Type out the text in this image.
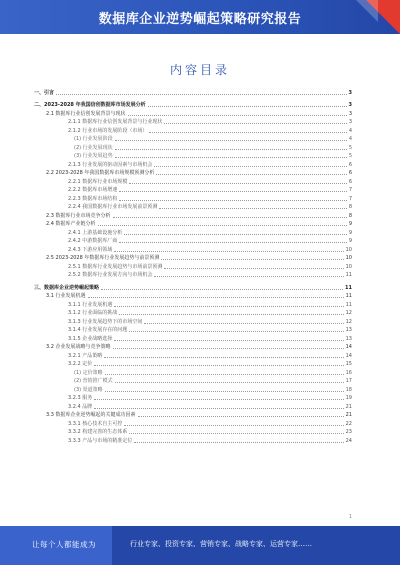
数据库企业逆势崛起策略研究报告
内容目录
一、引言	3
二、2023-2028 年我国信创数据库市场发展分析	3
2.1 数据库行业信创发展背景与现状	3
2.1.1 数据库行业信创发展背景与行业现状	3
2.1.2 行业市场的发展阶段（市场）	4
(1) 行业发展阶段	4
(2) 行业发展现状	5
(3) 行业发展趋势	5
2.1.3 行业发展的驱动因素与市场机会	6
2.2 2023-2028 年我国数据库市场规模预测分析	6
2.2.1 数据库行业市场规模	6
2.2.2 数据库市场增速	7
2.2.3 数据库市场结构	7
2.2.4 我国数据库行业市场发展前景预测	8
2.3 数据库行业市场竞争分析	8
2.4 数据库产业链分析	9
2.4.1 上游基础设施分析	9
2.4.2 中游数据库厂商	9
2.4.3 下游应用领域	10
2.5 2023-2028 年数据库行业发展趋势与前景预测	10
2.5.1 数据库行业发展趋势与市场前景预测	10
2.5.2 数据库行业发展方向与市场机会	11
三、数据库企业逆势崛起策略	11
3.1 行业发展机遇	11
3.1.1 行业发展机遇	11
3.1.2 行业面临的挑战	12
3.1.3 行业发展趋势下的市场空间	12
3.1.4 行业发展存在的问题	13
3.1.5 企业战略选择	13
3.2 企业发展战略与竞争策略	14
3.2.1 产品策略	14
3.2.2 定价	15
(1) 定价策略	16
(2) 营销推广模式	17
(3) 渠道策略	18
3.2.3 服务	19
3.2.4 品牌	21
3.3 数据库企业逆势崛起的关键成功因素	21
3.3.1 核心技术自主可控	22
3.3.2 构建完善的生态体系	23
3.3.3 产品与市场的精准定位	24
1
让每个人都能成为	行业专家、投资专家、营销专家、战略专家、运营专家……
